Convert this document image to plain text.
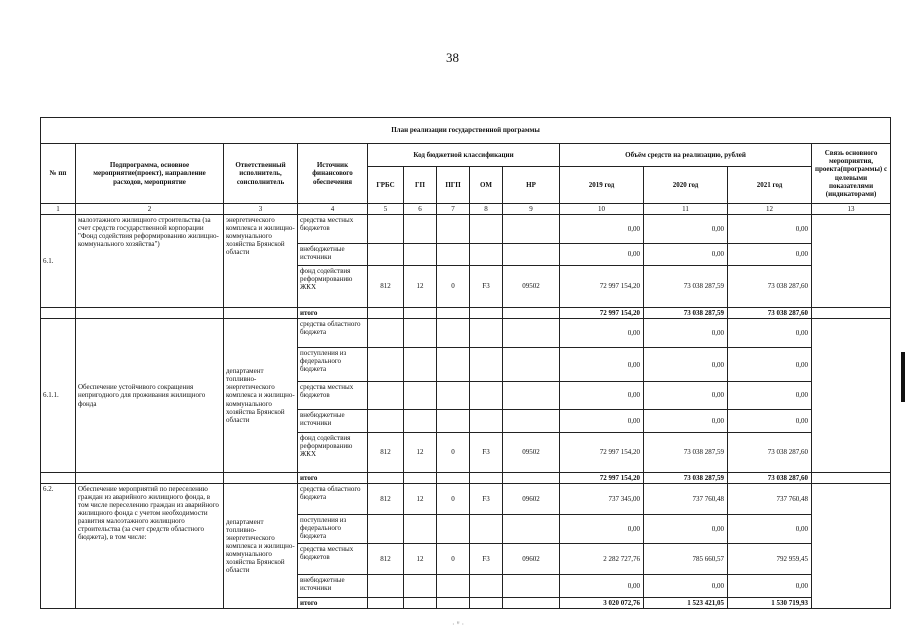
38
· ꞌꞌ ·
План реализации государственной программы												
№ пп	Подпрограмма, основное мероприятие(проект), направление расходов, мероприятие	Ответственный исполнитель, соисполнитель	Источник финансового обеспечения	Код бюджетной классификации					Объём средств на реализацию, рублей			Связь основного мероприятия, проекта(программы) с целевыми показателями (индикаторами)
				ГРБС	ГП	ПГП	ОМ	НР	2019 год	2020 год	2021 год	
1	2	3	4	5	6	7	8	9	10	11	12	13
6.1.	малоэтажного жилищного строительства (за счет средств государственной корпорации "Фонд содействия реформированию жилищно-коммунального хозяйства")	энергетического комплекса и жилищно-коммунального хозяйства Брянской области	средства местных бюджетов						0,00	0,00	0,00	
			внебюджетные источники						0,00	0,00	0,00	
			фонд содействия реформированию ЖКХ	812	12	0	F3	09502	72 997 154,20	73 038 287,59	73 038 287,60	
			итого						72 997 154,20	73 038 287,59	73 038 287,60	
6.1.1.	Обеспечение устойчивого сокращения непригодного для проживания жилищного фонда	департамент топливно-энергетического комплекса и жилищно-коммунального хозяйства Брянской области	средства областного бюджета						0,00	0,00	0,00	
			поступления из федерального бюджета						0,00	0,00	0,00	
			средства местных бюджетов						0,00	0,00	0,00	
			внебюджетные источники						0,00	0,00	0,00	
			фонд содействия реформированию ЖКХ	812	12	0	F3	09502	72 997 154,20	73 038 287,59	73 038 287,60	
			итого						72 997 154,20	73 038 287,59	73 038 287,60	
6.2.	Обеспечение мероприятий по переселению граждан из аварийного жилищного фонда, в том числе переселению граждан из аварийного жилищного фонда с учетом необходимости развития малоэтажного жилищного строительства (за счет средств областного бюджета), в том числе:	департамент топливно-энергетического комплекса и жилищно-коммунального хозяйства Брянской области	средства областного бюджета	812	12	0	F3	09602	737 345,00	737 760,48	737 760,48	
			поступления из федерального бюджета						0,00	0,00	0,00	
			средства местных бюджетов	812	12	0	F3	09602	2 282 727,76	785 660,57	792 959,45	
			внебюджетные источники						0,00	0,00	0,00	
			итого						3 020 072,76	1 523 421,05	1 530 719,93	
